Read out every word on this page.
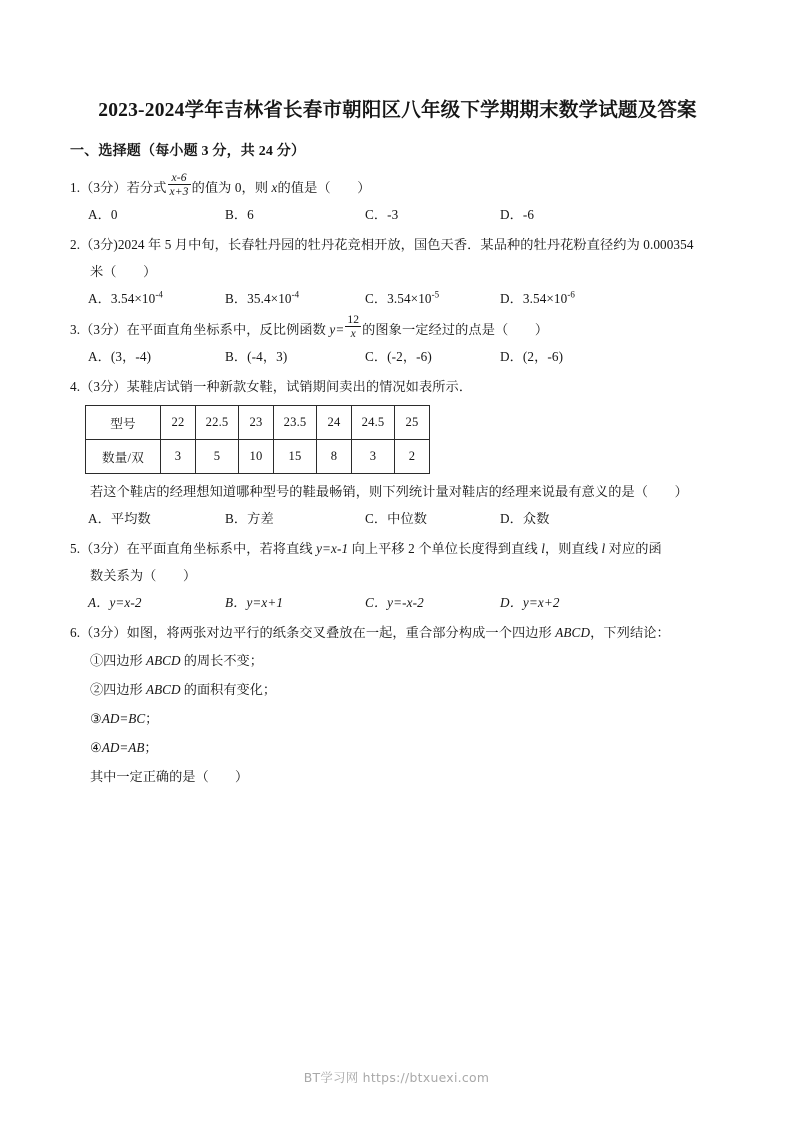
2023-2024学年吉林省长春市朝阳区八年级下学期期末数学试题及答案
一、选择题（每小题 3 分，共 24 分）
1.（3分）若分式 $\frac{x-6}{x+3}$ 的值为 0，则 x的值是（　　）
A．0	B．6	C．-3	D．-6
2.（3分)2024 年 5 月中旬，长春牡丹园的牡丹花竞相开放，国色天香．某品种的牡丹花粉直径约为 0.000354
米（　　）
A．$3.54\times 10^{-4}$	B．$35.4\times 10^{-4}$	C．$3.54\times 10^{-5}$	D．$3.54\times 10^{-6}$
3.（3分）在平面直角坐标系中，反比例函数 $y= \frac{12}{x}$ 的图象一定经过的点是（　　）
A．(3，-4)	B．(-4，3)	C．(-2，-6)	D．(2，-6)
4.（3分）某鞋店试销一种新款女鞋，试销期间卖出的情况如表所示．
型号	22	22.5	23	23.5	24	24.5	25
数量/双	3	5	10	15	8	3	2
若这个鞋店的经理想知道哪种型号的鞋最畅销，则下列统计量对鞋店的经理来说最有意义的是（　　）
A．平均数	B．方差	C．中位数	D．众数
5.（3分）在平面直角坐标系中，若将直线 y=x-1 向上平移 2 个单位长度得到直线 l，则直线 l 对应的函
数关系为（　　）
A．y=x-2	B．y=x+1	C．y=-x-2	D．y=x+2
6.（3分）如图，将两张对边平行的纸条交叉叠放在一起，重合部分构成一个四边形 ABCD，下列结论：
①四边形 ABCD 的周长不变；
②四边形 ABCD 的面积有变化；
③AD=BC；
④AD=AB；
其中一定正确的是（　　）
BT学习网 https://btxuexi.com
